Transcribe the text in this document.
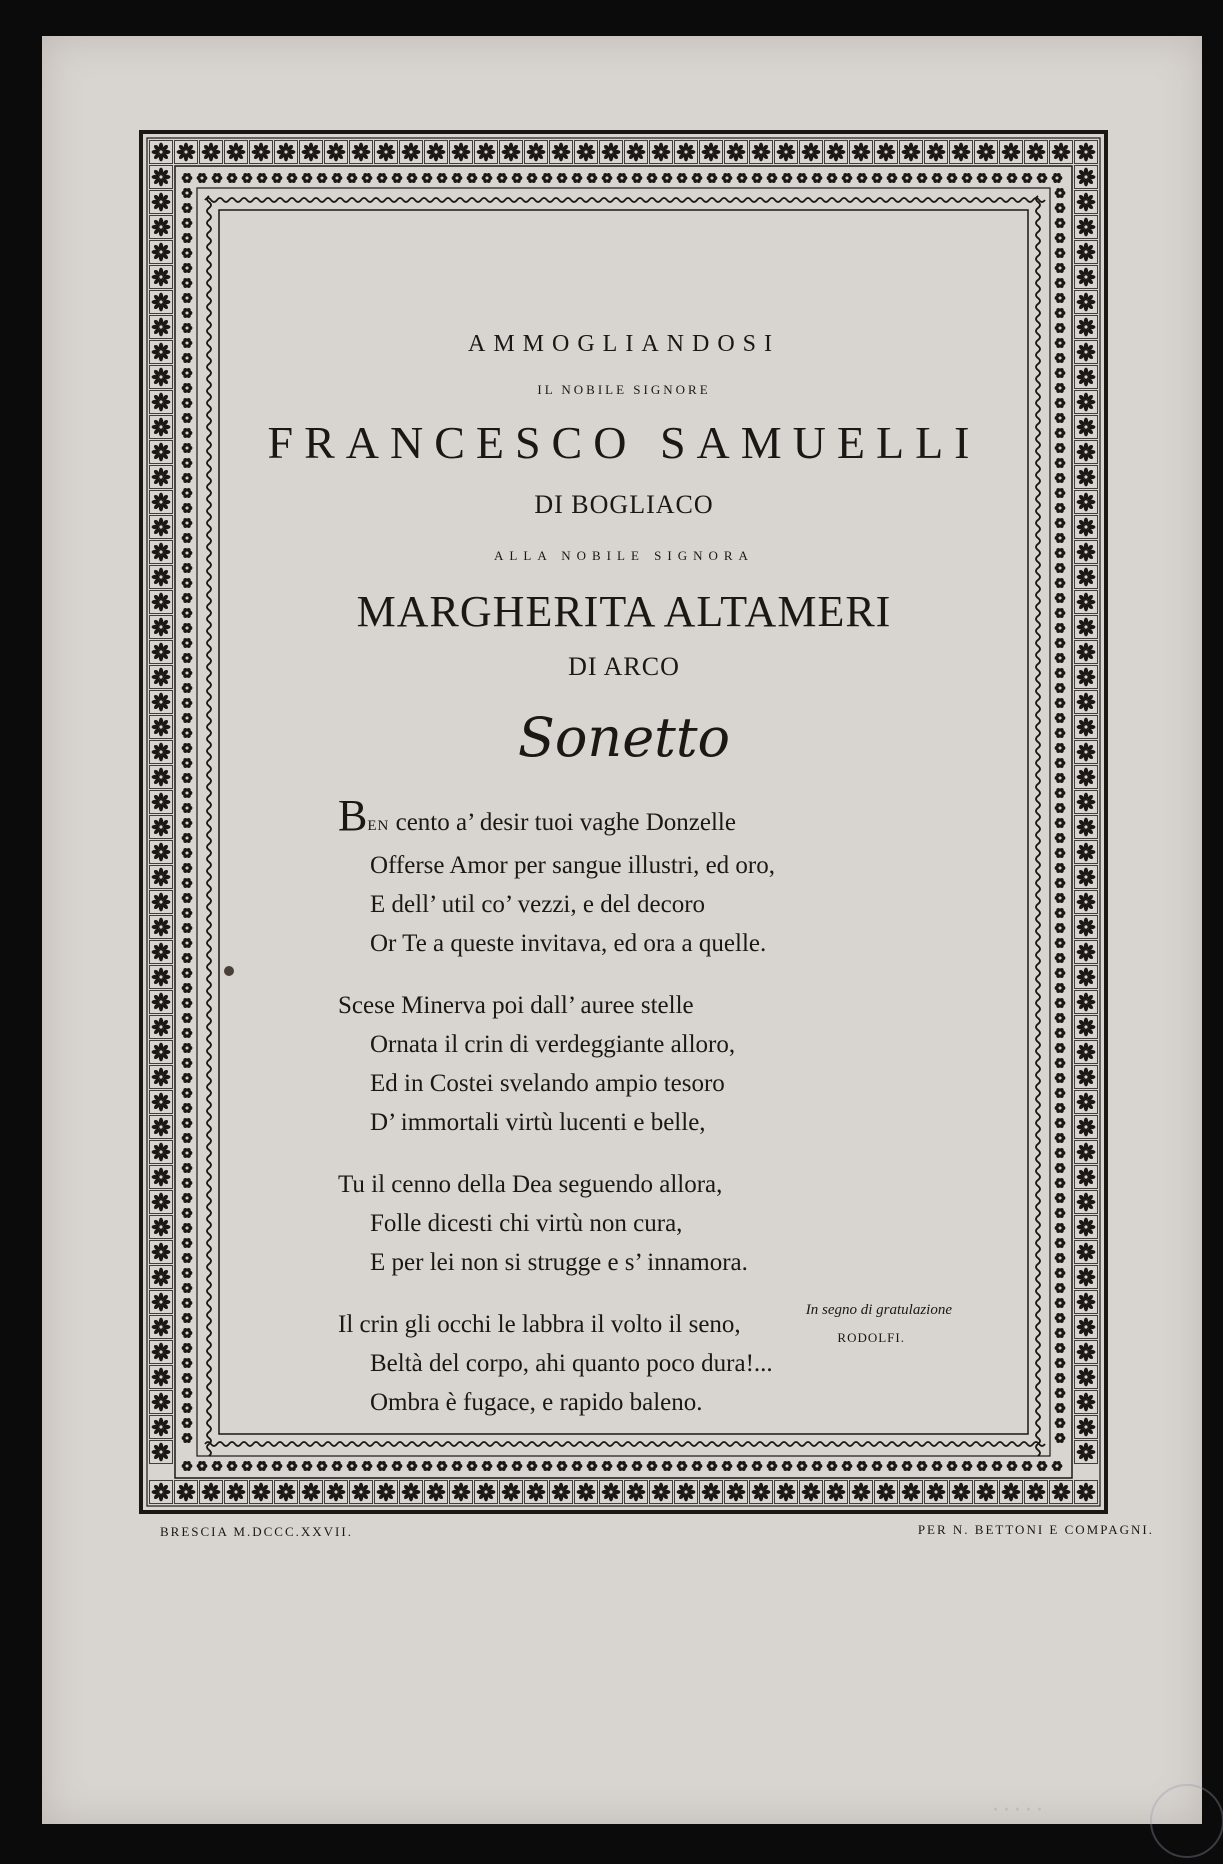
AMMOGLIANDOSI
IL NOBILE SIGNORE
FRANCESCO SAMUELLI
DI BOGLIACO
ALLA NOBILE SIGNORA
MARGHERITA ALTAMERI
DI ARCO
Sonetto
BEN cento a’ desir tuoi vaghe Donzelle
Offerse Amor per sangue illustri, ed oro,
E dell’ util co’ vezzi, e del decoro
Or Te a queste invitava, ed ora a quelle.
Scese Minerva poi dall’ auree stelle
Ornata il crin di verdeggiante alloro,
Ed in Costei svelando ampio tesoro
D’ immortali virtù lucenti e belle,
Tu il cenno della Dea seguendo allora,
Folle dicesti chi virtù non cura,
E per lei non si strugge e s’ innamora.
Il crin gli occhi le labbra il volto il seno,
Beltà del corpo, ahi quanto poco dura!...
Ombra è fugace, e rapido baleno.
In segno di gratulazione
RODOLFI.
BRESCIA M.DCCC.XXVII.	PER N. BETTONI E COMPAGNI.
·····
